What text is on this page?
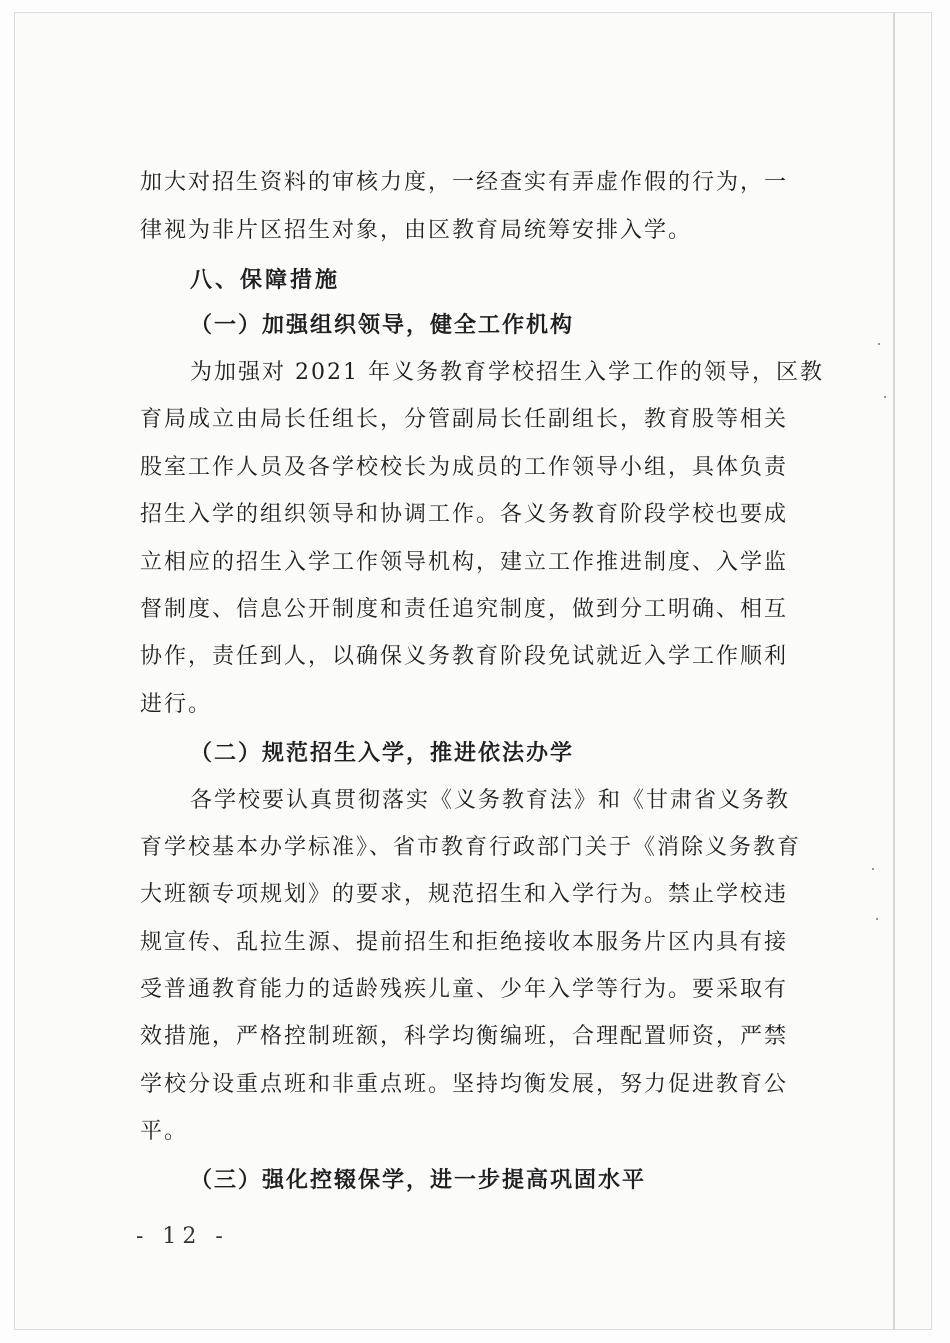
加大对招生资料的审核力度，一经查实有弄虚作假的行为，一

律视为非片区招生对象，由区教育局统筹安排入学。

八、保障措施

（一）加强组织领导，健全工作机构

为加强对 2021 年义务教育学校招生入学工作的领导，区教

育局成立由局长任组长，分管副局长任副组长，教育股等相关

股室工作人员及各学校校长为成员的工作领导小组，具体负责

招生入学的组织领导和协调工作。各义务教育阶段学校也要成

立相应的招生入学工作领导机构，建立工作推进制度、入学监

督制度、信息公开制度和责任追究制度，做到分工明确、相互

协作，责任到人，以确保义务教育阶段免试就近入学工作顺利

进行。

（二）规范招生入学，推进依法办学

各学校要认真贯彻落实《义务教育法》和《甘肃省义务教

育学校基本办学标准》、省市教育行政部门关于《消除义务教育

大班额专项规划》的要求，规范招生和入学行为。禁止学校违

规宣传、乱拉生源、提前招生和拒绝接收本服务片区内具有接

受普通教育能力的适龄残疾儿童、少年入学等行为。要采取有

效措施，严格控制班额，科学均衡编班，合理配置师资，严禁

学校分设重点班和非重点班。坚持均衡发展，努力促进教育公

平。

（三）强化控辍保学，进一步提高巩固水平

- 12 -
